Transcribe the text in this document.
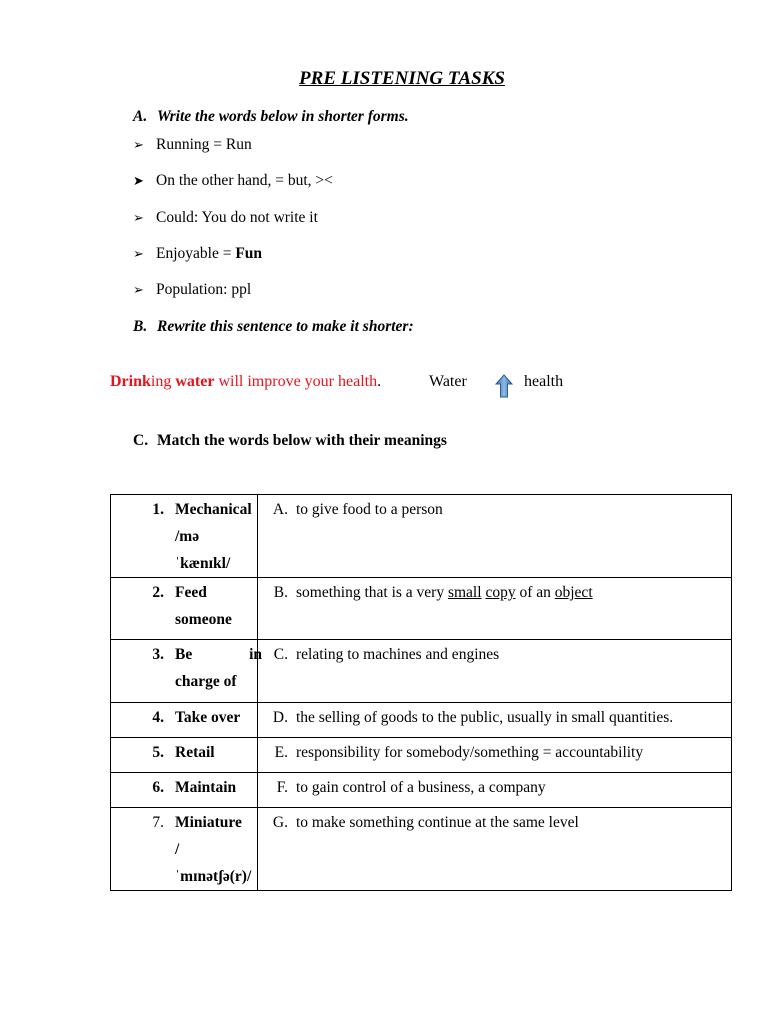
PRE LISTENING TASKS
A. Write the words below in shorter forms.
➢ Running = Run
➤ On the other hand, = but, ><
➢ Could: You do not write it
➢ Enjoyable = Fun
➢ Population: ppl
B. Rewrite this sentence to make it shorter:
Drinking water will improve your health.	Water	health
C. Match the words below with their meanings
1. Mechanical
/məˈkænɪkl/	A. to give food to a person

2. Feed
someone	B. something that is a very small copy of an object

3. Be in
charge of	C. relating to machines and engines

4. Take over	D. the selling of goods to the public, usually in small quantities.

5. Retail	E. responsibility for somebody/something = accountability

6. Maintain	F. to gain control of a business, a company

7. Miniature
/ˈmɪnətʃə(r)/	G. to make something continue at the same level
